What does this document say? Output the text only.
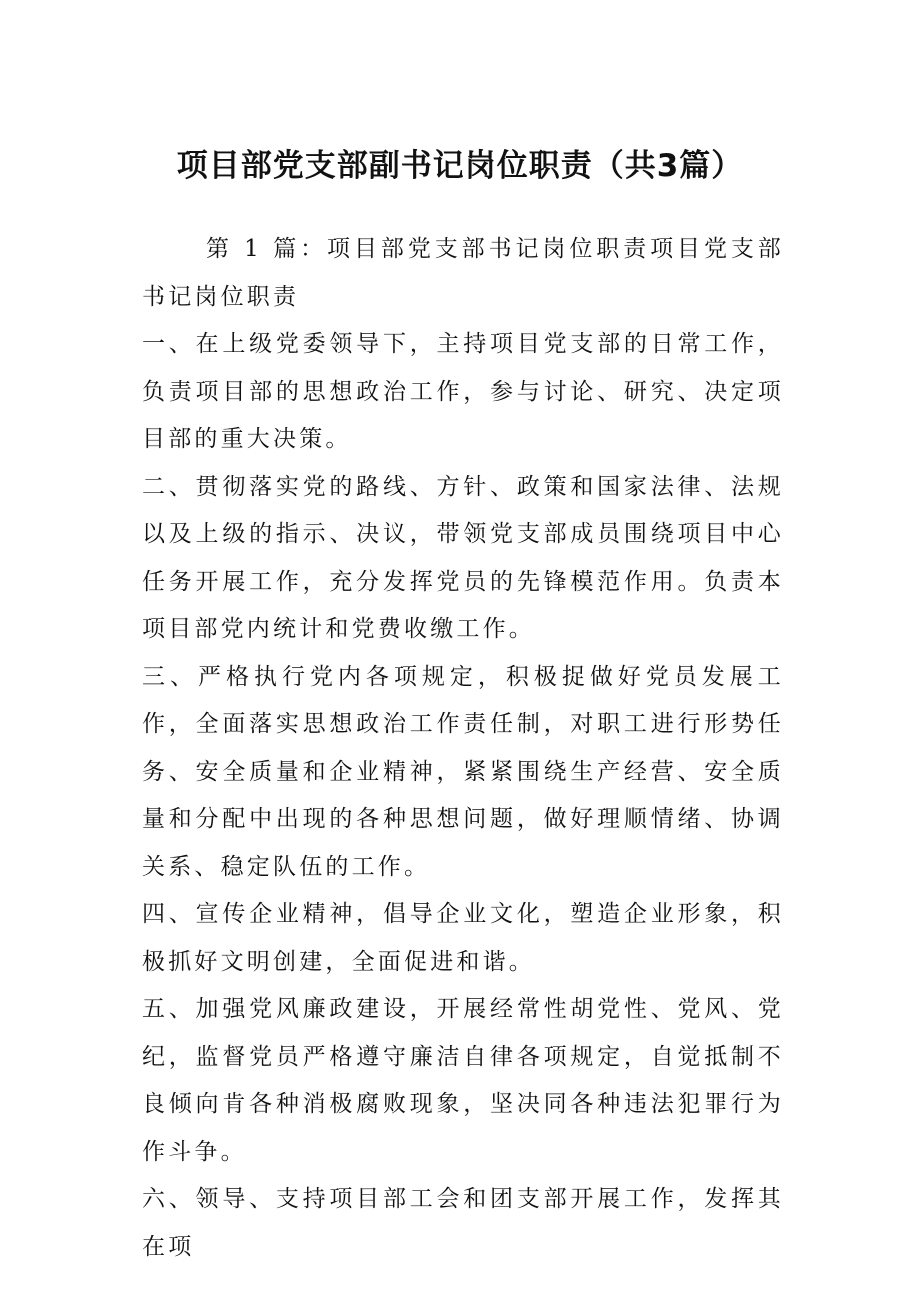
项目部党支部副书记岗位职责（共3篇）

第 1 篇：项目部党支部书记岗位职责项目党支部书记岗位职责

一、在上级党委领导下，主持项目党支部的日常工作，负责项目部的思想政治工作，参与讨论、研究、决定项目部的重大决策。

二、贯彻落实党的路线、方针、政策和国家法律、法规以及上级的指示、决议，带领党支部成员围绕项目中心任务开展工作，充分发挥党员的先锋模范作用。负责本项目部党内统计和党费收缴工作。

三、严格执行党内各项规定，积极捉做好党员发展工作，全面落实思想政治工作责任制，对职工进行形势任务、安全质量和企业精神，紧紧围绕生产经营、安全质量和分配中出现的各种思想问题，做好理顺情绪、协调关系、稳定队伍的工作。

四、宣传企业精神，倡导企业文化，塑造企业形象，积极抓好文明创建，全面促进和谐。

五、加强党风廉政建设，开展经常性胡党性、党风、党纪，监督党员严格遵守廉洁自律各项规定，自觉抵制不良倾向肯各种消极腐败现象，坚决同各种违法犯罪行为作斗争。

六、领导、支持项目部工会和团支部开展工作，发挥其在项
